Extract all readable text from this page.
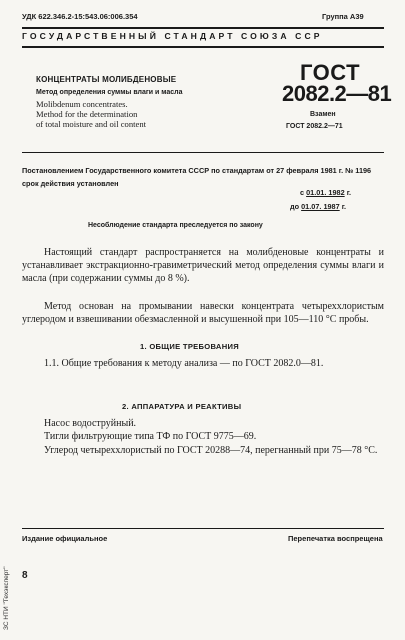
УДК 622.346.2-15:543.06:006.354	Группа А39
ГОСУДАРСТВЕННЫЙ СТАНДАРТ СОЮЗА ССР
КОНЦЕНТРАТЫ МОЛИБДЕНОВЫЕ
Метод определения суммы влаги и масла
Molibdenum concentrates.
Method for the determination
of total moisture and oil content
ГОСТ
2082.2—81
Взамен
ГОСТ 2082.2—71
Постановлением Государственного комитета СССР по стандартам от 27 февраля 1981 г. № 1196 срок действия установлен
с 01.01. 1982 г.
до 01.07. 1987 г.
Несоблюдение стандарта преследуется по закону
Настоящий стандарт распространяется на молибденовые концентраты и устанавливает экстракционно-гравиметрический метод определения суммы влаги и масла (при содержании суммы до 8 %).
Метод основан на промывании навески концентрата четыреххлористым углеродом и взвешивании обезмасленной и высушенной при 105—110 °С пробы.
1. ОБЩИЕ ТРЕБОВАНИЯ
1.1. Общие требования к методу анализа — по ГОСТ 2082.0—81.
2. АППАРАТУРА И РЕАКТИВЫ
Насос водоструйный.
Тигли фильтрующие типа ТФ по ГОСТ 9775—69.
Углерод четыреххлористый по ГОСТ 20288—74, перегнанный при 75—78 °С.
ЗС НТИ "Техэксперт"
Издание официальное	Перепечатка воспрещена
8
